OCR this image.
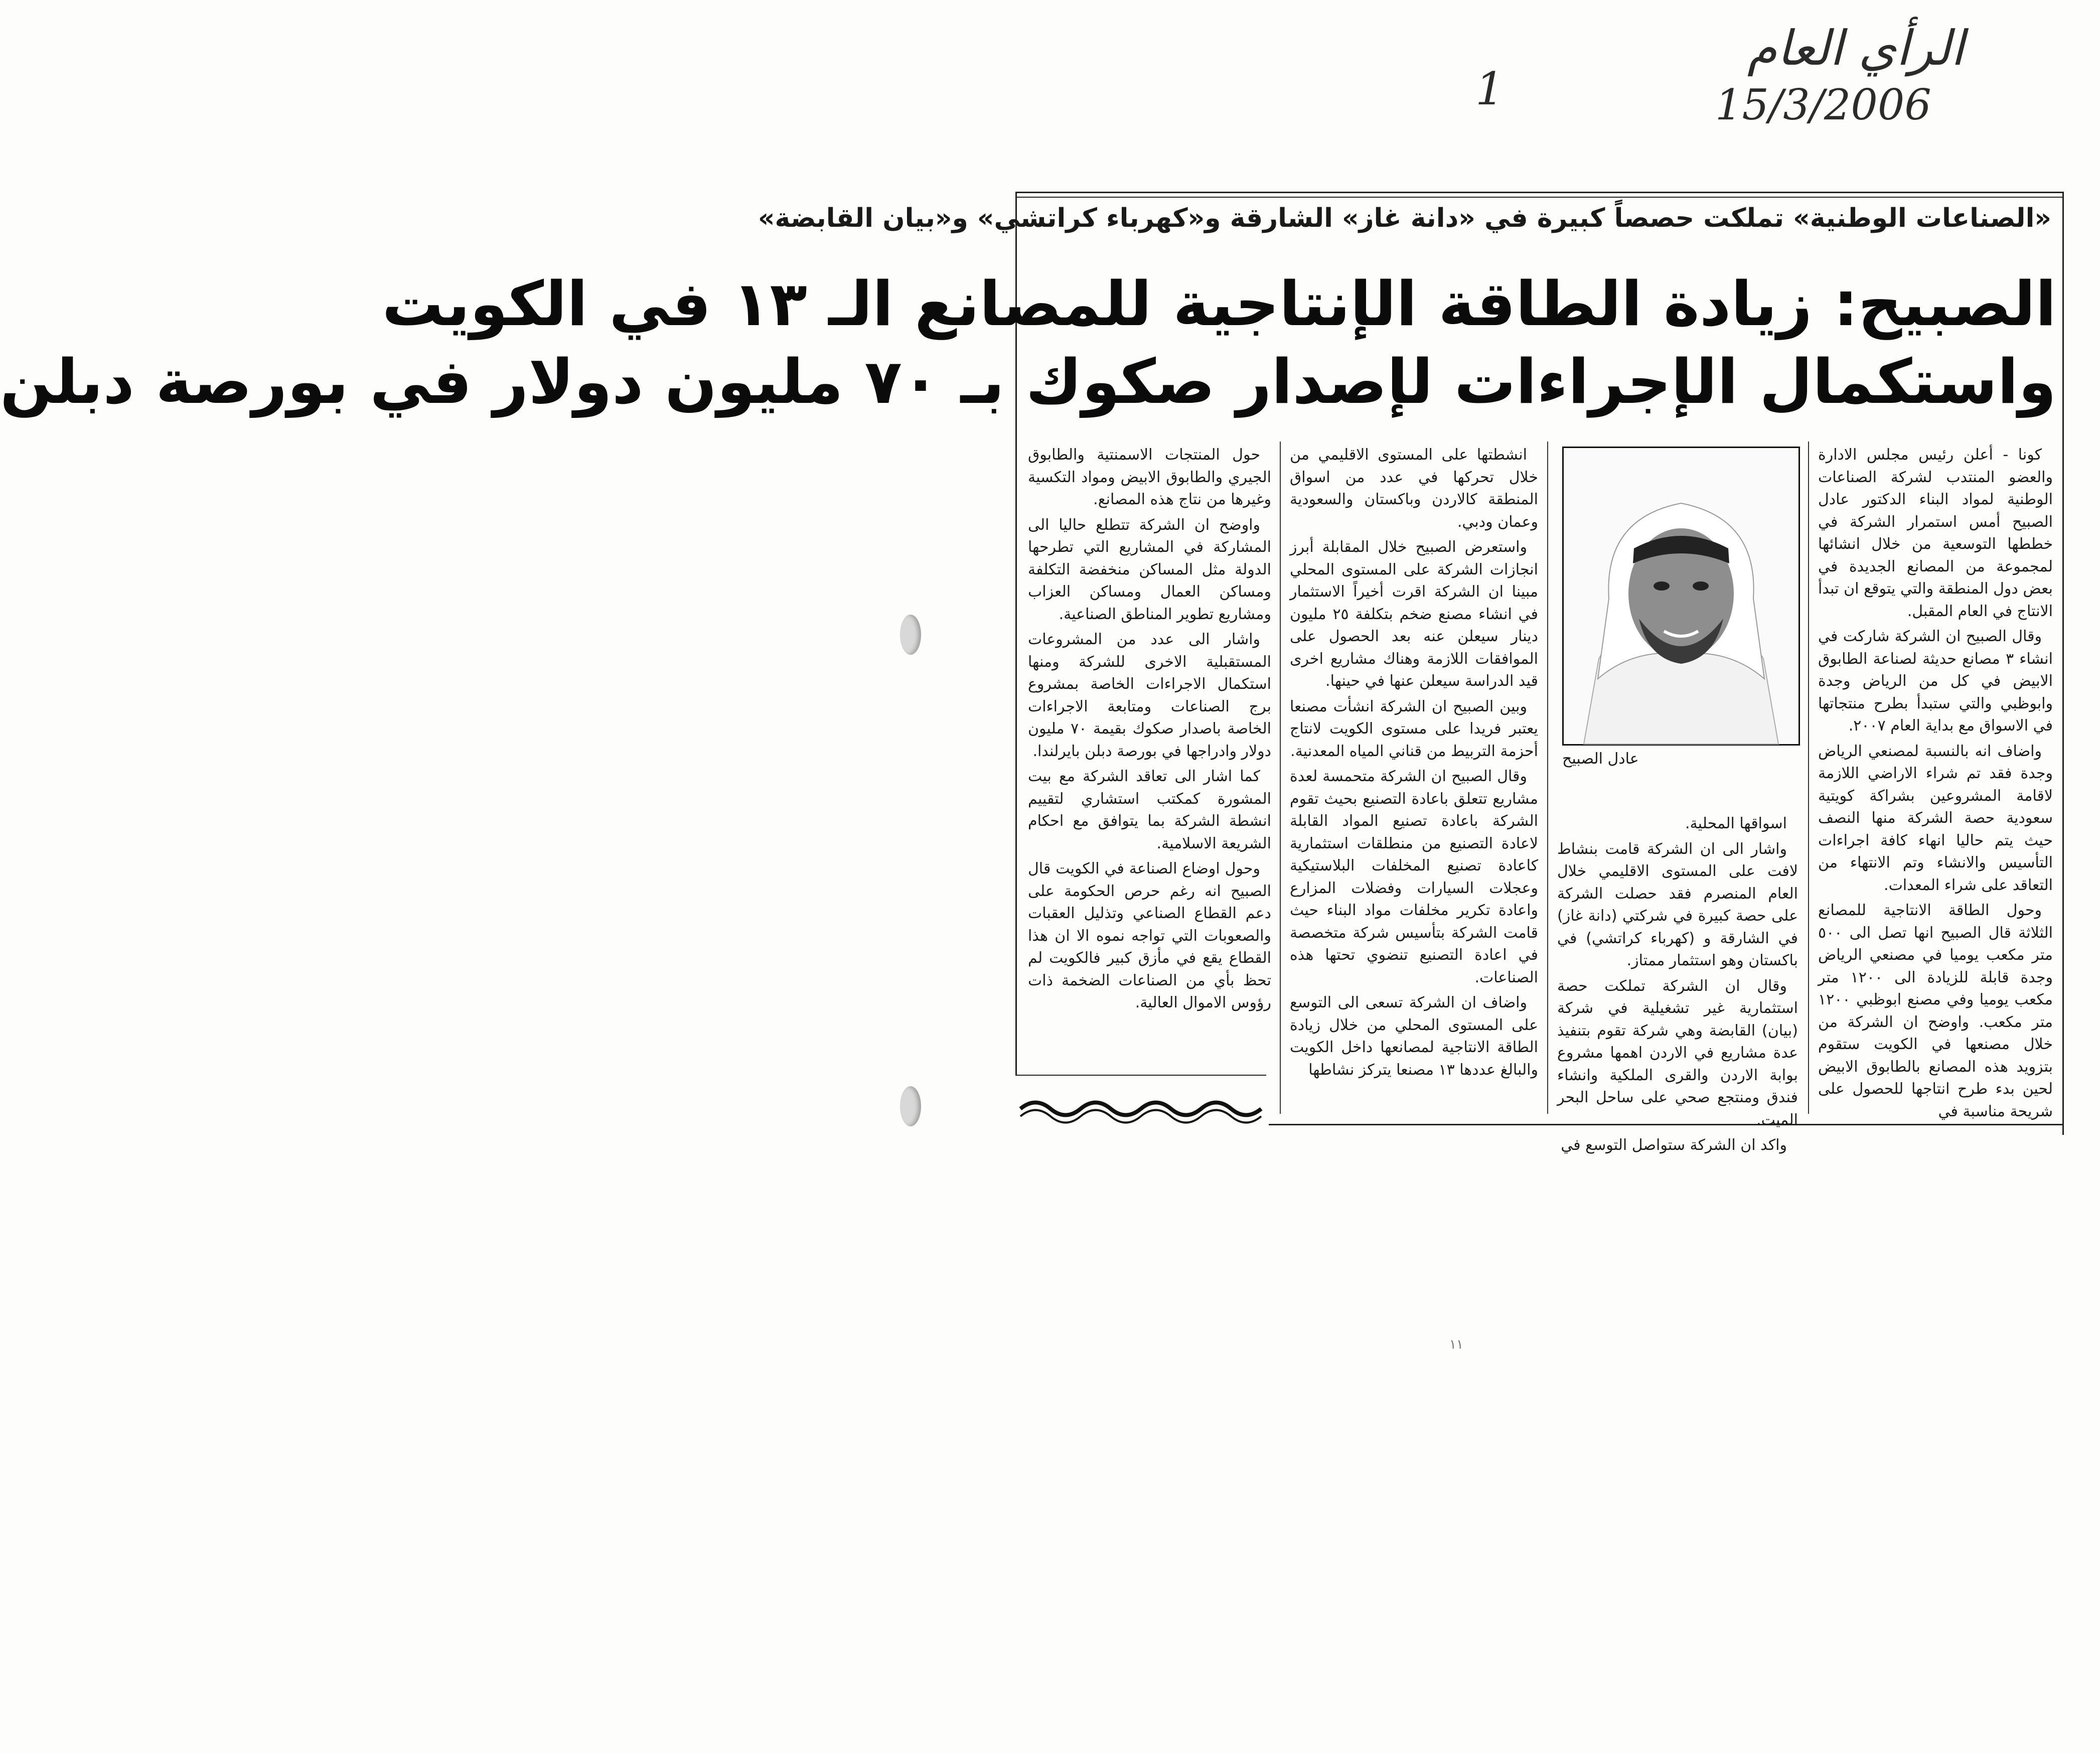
الرأي العام
15/3/2006
1
«الصناعات الوطنية» تملكت حصصاً كبيرة في «دانة غاز» الشارقة و«كهرباء كراتشي» و«بيان القابضة»
الصبيح: زيادة الطاقة الإنتاجية للمصانع الـ ١٣ في الكويت
واستكمال الإجراءات لإصدار صكوك بـ ٧٠ مليون دولار في بورصة دبلن
عادل الصبيح

كونا - أعلن رئيس مجلس الادارة والعضو المنتدب لشركة الصناعات الوطنية لمواد البناء الدكتور عادل الصبيح أمس استمرار الشركة في خططها التوسعية من خلال انشائها لمجموعة من المصانع الجديدة في بعض دول المنطقة والتي يتوقع ان تبدأ الانتاج في العام المقبل.

وقال الصبيح ان الشركة شاركت في انشاء ٣ مصانع حديثة لصناعة الطابوق الابيض في كل من الرياض وجدة وابوظبي والتي ستبدأ بطرح منتجاتها في الاسواق مع بداية العام ٢٠٠٧.

واضاف انه بالنسبة لمصنعي الرياض وجدة فقد تم شراء الاراضي اللازمة لاقامة المشروعين بشراكة كويتية سعودية حصة الشركة منها النصف حيث يتم حاليا انهاء كافة اجراءات التأسيس والانشاء وتم الانتهاء من التعاقد على شراء المعدات.

وحول الطاقة الانتاجية للمصانع الثلاثة قال الصبيح انها تصل الى ٥٠٠ متر مكعب يوميا في مصنعي الرياض وجدة قابلة للزيادة الى ١٢٠٠ متر مكعب يوميا وفي مصنع ابوظبي ١٢٠٠ متر مكعب. واوضح ان الشركة من خلال مصنعها في الكويت ستقوم بتزويد هذه المصانع بالطابوق الابيض لحين بدء طرح انتاجها للحصول على شريحة مناسبة في

اسواقها المحلية.

واشار الى ان الشركة قامت بنشاط لافت على المستوى الاقليمي خلال العام المنصرم فقد حصلت الشركة على حصة كبيرة في شركتي (دانة غاز) في الشارقة و (كهرباء كراتشي) في باكستان وهو استثمار ممتاز.

وقال ان الشركة تملكت حصة استثمارية غير تشغيلية في شركة (بيان) القابضة وهي شركة تقوم بتنفيذ عدة مشاريع في الاردن اهمها مشروع بوابة الاردن والقرى الملكية وانشاء فندق ومنتجع صحي على ساحل البحر الميت.

واكد ان الشركة ستواصل التوسع في

انشطتها على المستوى الاقليمي من خلال تحركها في عدد من اسواق المنطقة كالاردن وباكستان والسعودية وعمان ودبي.

واستعرض الصبيح خلال المقابلة أبرز انجازات الشركة على المستوى المحلي مبينا ان الشركة اقرت أخيراً الاستثمار في انشاء مصنع ضخم بتكلفة ٢٥ مليون دينار سيعلن عنه بعد الحصول على الموافقات اللازمة وهناك مشاريع اخرى قيد الدراسة سيعلن عنها في حينها.

وبين الصبيح ان الشركة انشأت مصنعا يعتبر فريدا على مستوى الكويت لانتاج أحزمة التربيط من قناني المياه المعدنية.

وقال الصبيح ان الشركة متحمسة لعدة مشاريع تتعلق باعادة التصنيع بحيث تقوم الشركة باعادة تصنيع المواد القابلة لاعادة التصنيع من منطلقات استثمارية كاعادة تصنيع المخلفات البلاستيكية وعجلات السيارات وفضلات المزارع واعادة تكرير مخلفات مواد البناء حيث قامت الشركة بتأسيس شركة متخصصة في اعادة التصنيع تنضوي تحتها هذه الصناعات.

واضاف ان الشركة تسعى الى التوسع على المستوى المحلي من خلال زيادة الطاقة الانتاجية لمصانعها داخل الكويت والبالغ عددها ١٣ مصنعا يتركز نشاطها

حول المنتجات الاسمنتية والطابوق الجيري والطابوق الابيض ومواد التكسية وغيرها من نتاج هذه المصانع.

واوضح ان الشركة تتطلع حاليا الى المشاركة في المشاريع التي تطرحها الدولة مثل المساكن منخفضة التكلفة ومساكن العمال ومساكن العزاب ومشاريع تطوير المناطق الصناعية.

واشار الى عدد من المشروعات المستقبلية الاخرى للشركة ومنها استكمال الاجراءات الخاصة بمشروع برج الصناعات ومتابعة الاجراءات الخاصة باصدار صكوك بقيمة ٧٠ مليون دولار وادراجها في بورصة دبلن بايرلندا.

كما اشار الى تعاقد الشركة مع بيت المشورة كمكتب استشاري لتقييم انشطة الشركة بما يتوافق مع احكام الشريعة الاسلامية.

وحول اوضاع الصناعة في الكويت قال الصبيح انه رغم حرص الحكومة على دعم القطاع الصناعي وتذليل العقبات والصعوبات التي تواجه نموه الا ان هذا القطاع يقع في مأزق كبير فالكويت لم تحظ بأي من الصناعات الضخمة ذات رؤوس الاموال العالية.

١١
